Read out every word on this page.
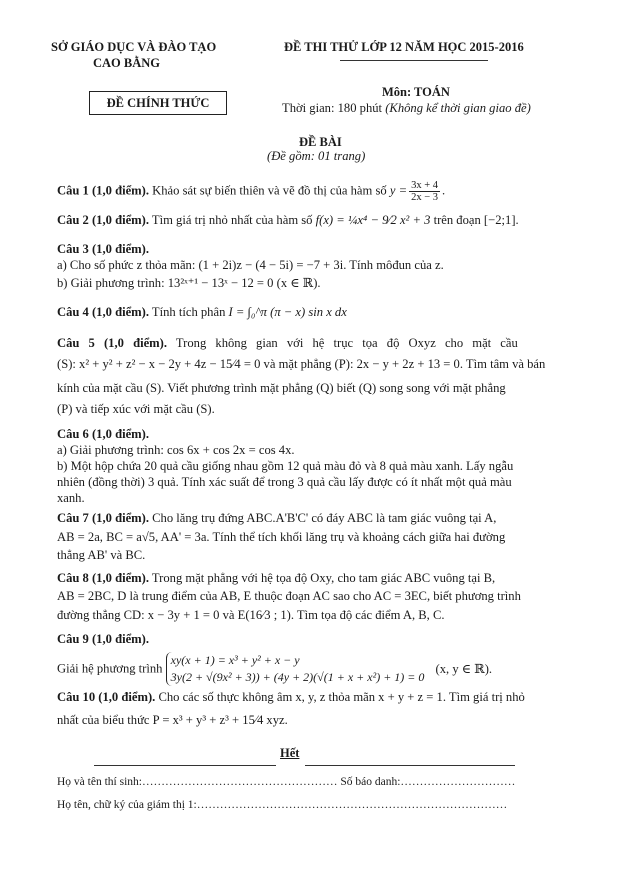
SỞ GIÁO DỤC VÀ ĐÀO TẠO
CAO BẰNG
ĐỀ THI THỬ LỚP 12 NĂM HỌC 2015-2016
ĐỀ CHÍNH THỨC
Môn: TOÁN
Thời gian: 180 phút (Không kể thời gian giao đề)
ĐỀ BÀI
(Đề gồm: 01 trang)
Câu 1 (1,0 điểm). Khảo sát sự biến thiên và vẽ đồ thị của hàm số $y = \frac{3x + 4}{2x - 3}$ .
Câu 2 (1,0 điểm). Tìm giá trị nhỏ nhất của hàm số f(x) = ¼x⁴ − 9⁄2 x² + 3 trên đoạn [−2;1].
Câu 3 (1,0 điểm).
a) Cho số phức z thỏa mãn: (1 + 2i)z − (4 − 5i) = −7 + 3i. Tính môđun của z.
b) Giải phương trình: 13²ˣ⁺¹ − 13ˣ − 12 = 0 (x ∈ ℝ).
Câu 4 (1,0 điểm). Tính tích phân I = ∫₀^π (π − x) sin x dx
Câu 5 (1,0 điểm). Trong không gian với hệ trục tọa độ Oxyz cho mặt cầu
(S): x² + y² + z² − x − 2y + 4z − 15⁄4 = 0 và mặt phẳng (P): 2x − y + 2z + 13 = 0. Tìm tâm và bán
kính của mặt cầu (S). Viết phương trình mặt phẳng (Q) biết (Q) song song với mặt phẳng
(P) và tiếp xúc với mặt cầu (S).
Câu 6 (1,0 điểm).
a) Giải phương trình: cos 6x + cos 2x = cos 4x.
b) Một hộp chứa 20 quả cầu giống nhau gồm 12 quả màu đỏ và 8 quả màu xanh. Lấy ngẫu
nhiên (đồng thời) 3 quả. Tính xác suất để trong 3 quả cầu lấy được có ít nhất một quả màu
xanh.
Câu 7 (1,0 điểm). Cho lăng trụ đứng ABC.A'B'C' có đáy ABC là tam giác vuông tại A,
AB = 2a, BC = a√5, AA' = 3a. Tính thể tích khối lăng trụ và khoảng cách giữa hai đường
thẳng AB' và BC.
Câu 8 (1,0 điểm). Trong mặt phẳng với hệ tọa độ Oxy, cho tam giác ABC vuông tại B,
AB = 2BC, D là trung điểm của AB, E thuộc đoạn AC sao cho AC = 3EC, biết phương trình
đường thẳng CD: x − 3y + 1 = 0 và E(16⁄3 ; 1). Tìm tọa độ các điểm A, B, C.
Câu 9 (1,0 điểm).
Giải hệ phương trình
xy(x + 1) = x³ + y² + x − y
3y(2 + √(9x² + 3)) + (4y + 2)(√(1 + x + x²) + 1) = 0
(x, y ∈ ℝ).
Câu 10 (1,0 điểm). Cho các số thực không âm x, y, z thỏa mãn x + y + z = 1. Tìm giá trị nhỏ
nhất của biểu thức P = x³ + y³ + z³ + 15⁄4 xyz.
Hết
Họ và tên thí sinh:…………………………………………… Số báo danh:…………………………
Họ tên, chữ ký của giám thị 1:………………………………………………………………………
